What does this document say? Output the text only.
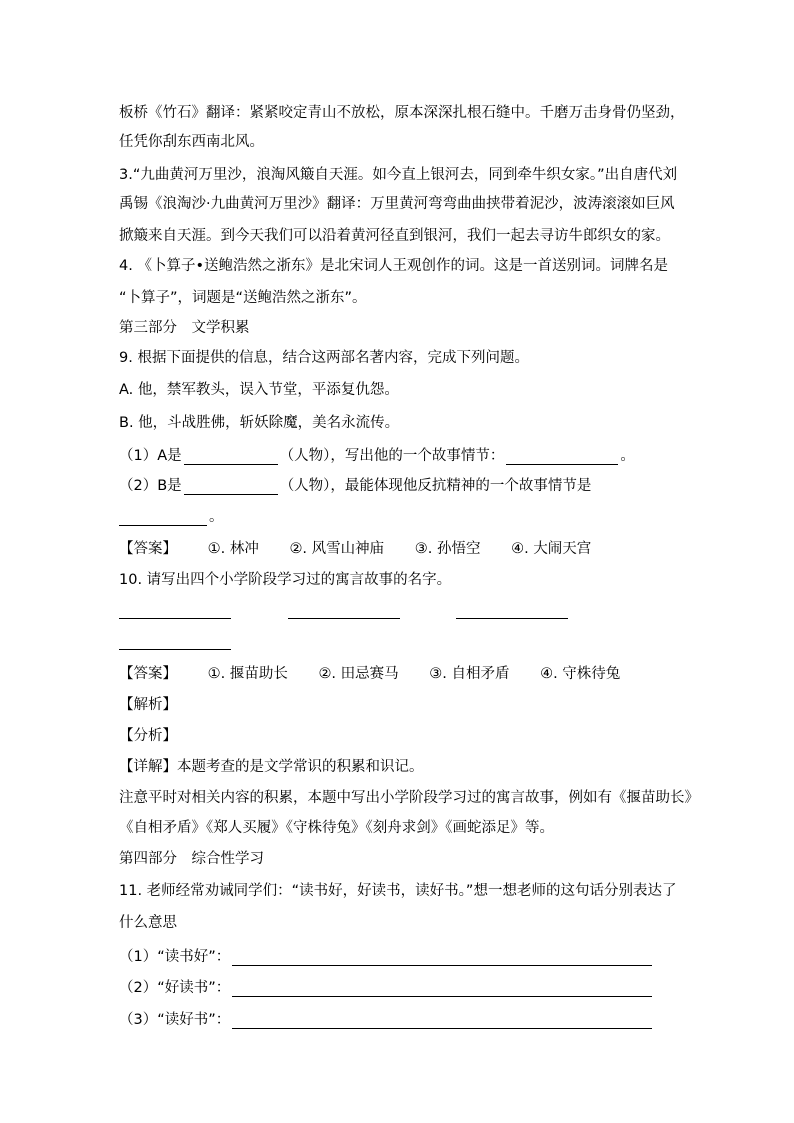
板桥《竹石》翻译：紧紧咬定青山不放松，原本深深扎根石缝中。千磨万击身骨仍坚劲，
任凭你刮东西南北风。
3.“九曲黄河万里沙，浪淘风簸自天涯。如今直上银河去，同到牵牛织女家。”出自唐代刘
禹锡《浪淘沙·九曲黄河万里沙》翻译：万里黄河弯弯曲曲挟带着泥沙，波涛滚滚如巨风
掀簸来自天涯。到今天我们可以沿着黄河径直到银河，我们一起去寻访牛郎织女的家。
4. 《卜算子•送鲍浩然之浙东》是北宋词人王观创作的词。这是一首送别词。词牌名是
“卜算子”，词题是“送鲍浩然之浙东”。
第三部分　文学积累
9. 根据下面提供的信息，结合这两部名著内容，完成下列问题。
A. 他，禁军教头，误入节堂，平添复仇怨。
B. 他，斗战胜佛，斩妖除魔，美名永流传。
（1）A是	（人物），写出他的一个故事情节：	。
（2）B是	（人物），最能体现他反抗精神的一个故事情节是
。
【答案】 ①. 林冲 ②. 风雪山神庙 ③. 孙悟空 ④. 大闹天宫
10. 请写出四个小学阶段学习过的寓言故事的名字。
【答案】 ①. 揠苗助长 ②. 田忌赛马 ③. 自相矛盾 ④. 守株待兔
【解析】
【分析】
【详解】本题考查的是文学常识的积累和识记。
注意平时对相关内容的积累，本题中写出小学阶段学习过的寓言故事，例如有《揠苗助长》
《自相矛盾》《郑人买履》《守株待兔》《刻舟求剑》《画蛇添足》等。
第四部分　综合性学习
11. 老师经常劝诫同学们：“读书好，好读书，读好书。”想一想老师的这句话分别表达了
什么意思
（1）“读书好”：
（2）“好读书”：
（3）“读好书”：
